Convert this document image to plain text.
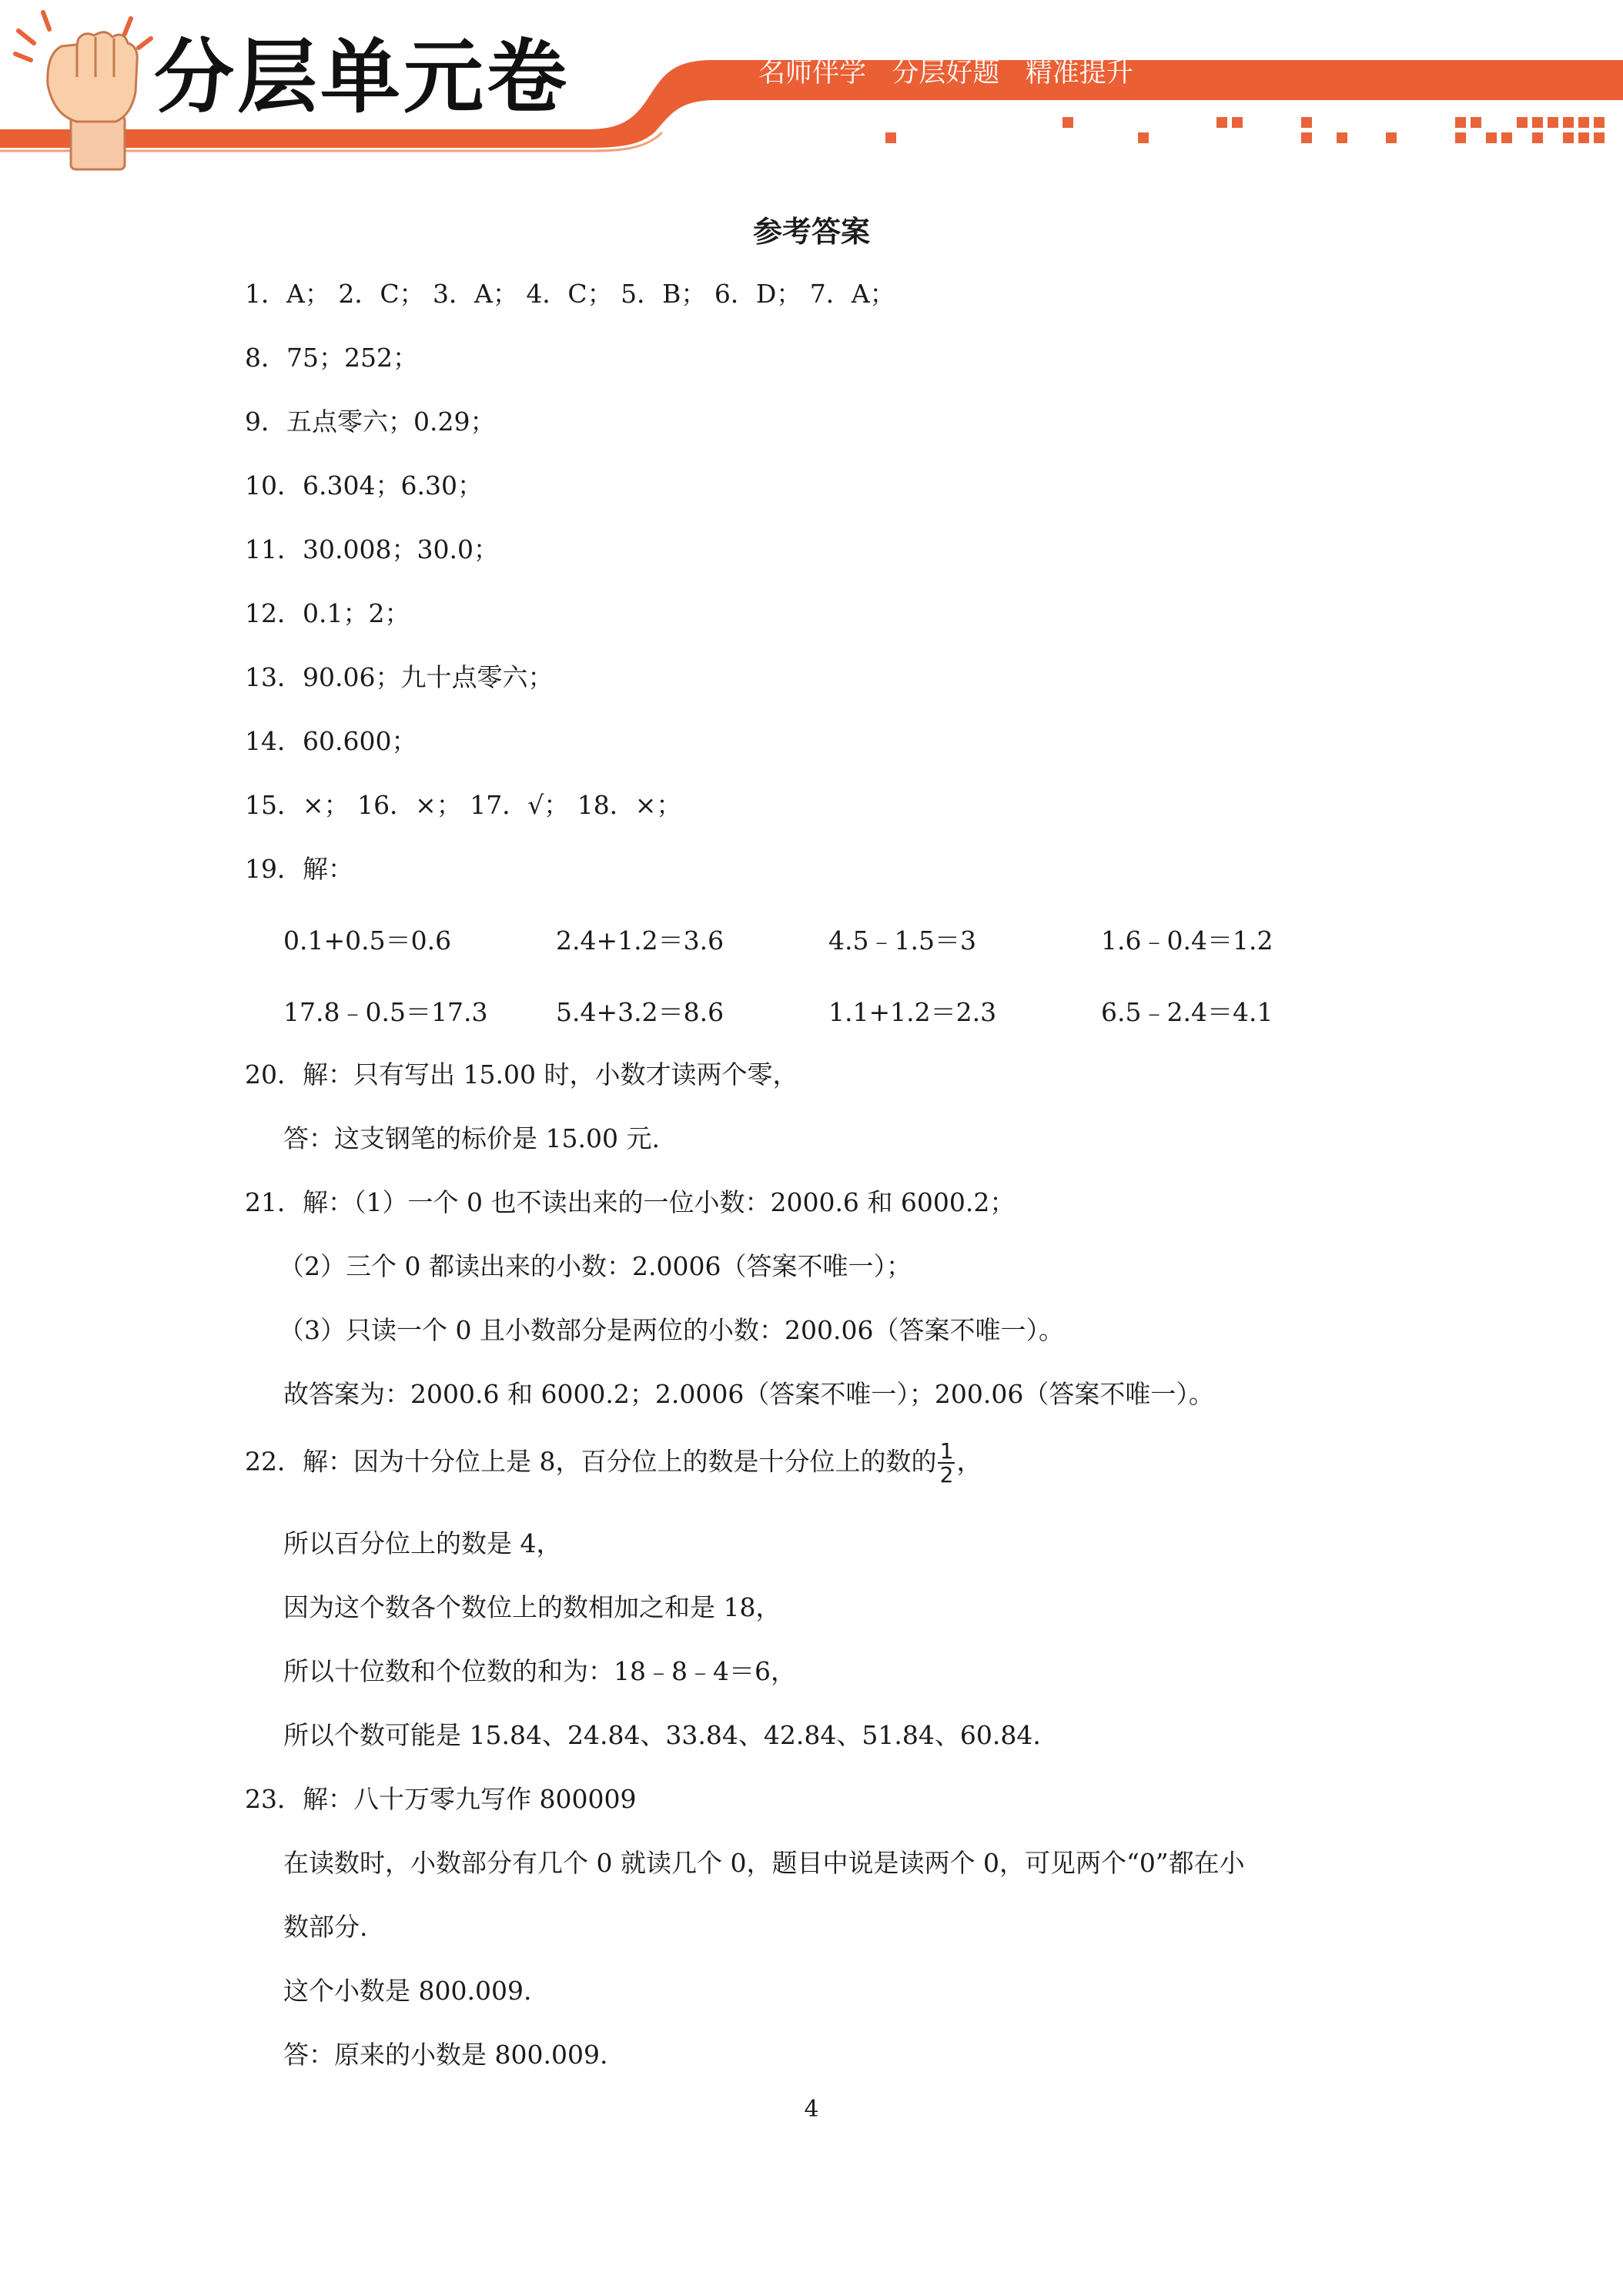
分层单元卷	名师伴学   分层好题   精准提升
参考答案
1．A； 2．C； 3．A； 4．C； 5．B； 6．D； 7．A；
8．75；252；
9．五点零六；0.29；
10．6.304；6.30；
11．30.008；30.0；
12．0.1；2；
13．90.06；九十点零六；
14．60.600；
15．×； 16．×； 17．√； 18．×；
19．解：
0.1+0.5＝0.6	2.4+1.2＝3.6	4.5﹣1.5＝3	1.6﹣0.4＝1.2
17.8﹣0.5＝17.3	5.4+3.2＝8.6	1.1+1.2＝2.3	6.5﹣2.4＝4.1
20．解：只有写出 15.00 时，小数才读两个零，
答：这支钢笔的标价是 15.00 元.
21．解：（1）一个 0 也不读出来的一位小数：2000.6 和 6000.2；
（2）三个 0 都读出来的小数：2.0006（答案不唯一）；
（3）只读一个 0 且小数部分是两位的小数：200.06（答案不唯一）。
故答案为：2000.6 和 6000.2；2.0006（答案不唯一）；200.06（答案不唯一）。
22．解：因为十分位上是 8，百分位上的数是十分位上的数的 $\frac{1}{2}$ ，
所以百分位上的数是 4，
因为这个数各个数位上的数相加之和是 18，
所以十位数和个位数的和为：18﹣8﹣4＝6，
所以个数可能是 15.84、24.84、33.84、42.84、51.84、60.84.
23．解：八十万零九写作 800009
在读数时，小数部分有几个 0 就读几个 0，题目中说是读两个 0，可见两个“0”都在小
数部分.
这个小数是 800.009.
答：原来的小数是 800.009.
4
